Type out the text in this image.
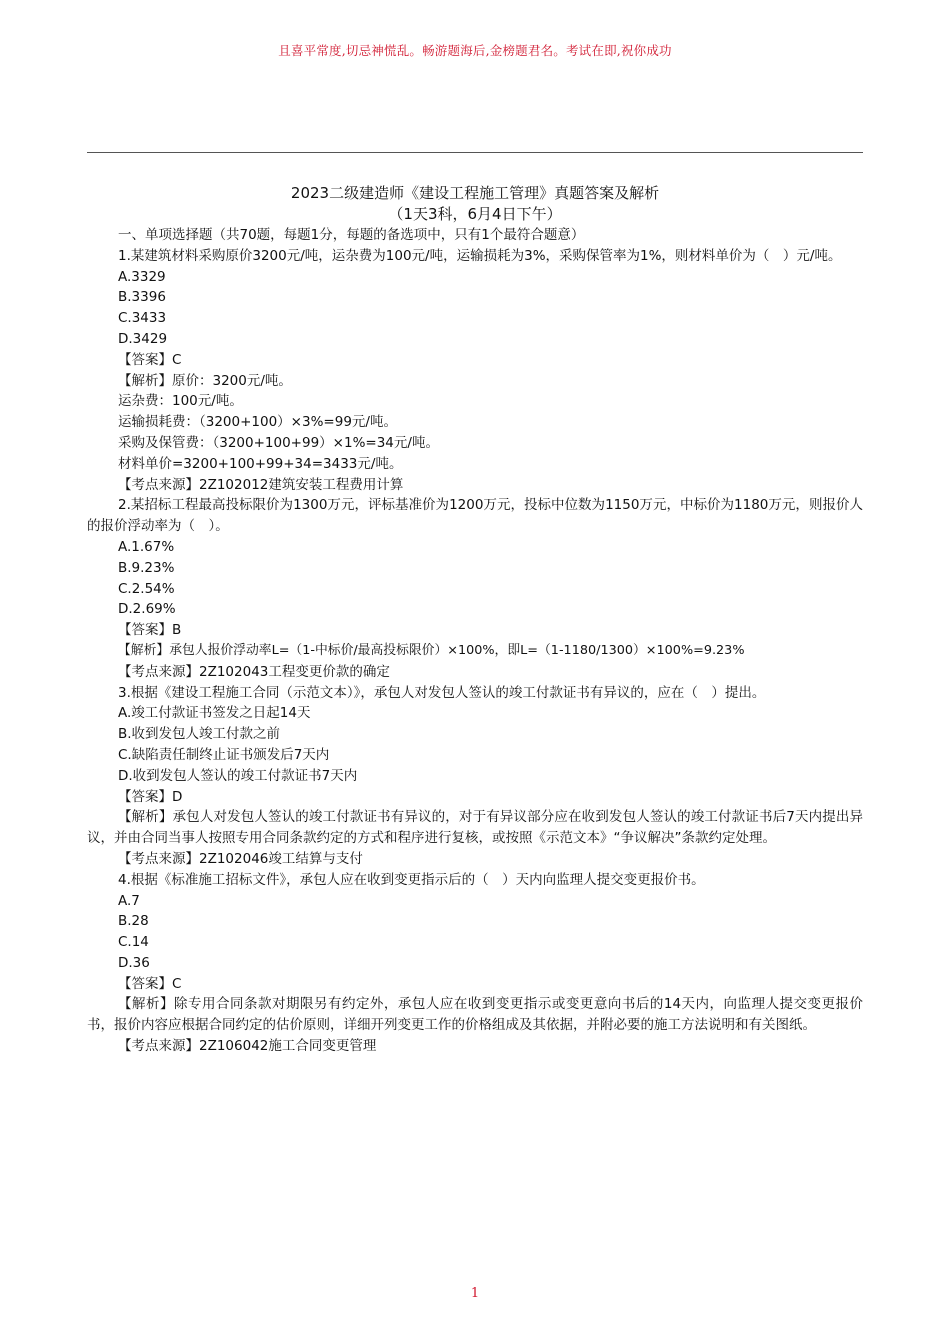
且喜平常度,切忌神慌乱。畅游题海后,金榜题君名。考试在即,祝你成功
2023二级建造师《建设工程施工管理》真题答案及解析
（1天3科，6月4日下午）
一、单项选择题（共70题，每题1分，每题的备选项中，只有1个最符合题意）
1.某建筑材料采购原价3200元/吨，运杂费为100元/吨，运输损耗为3%，采购保管率为1%，则材料单价为（　）元/吨。
A.3329
B.3396
C.3433
D.3429
【答案】C
【解析】原价：3200元/吨。
运杂费：100元/吨。
运输损耗费：（3200+100）×3%=99元/吨。
采购及保管费：（3200+100+99）×1%=34元/吨。
材料单价=3200+100+99+34=3433元/吨。
【考点来源】2Z102012建筑安装工程费用计算
2.某招标工程最高投标限价为1300万元，评标基准价为1200万元，投标中位数为1150万元，中标价为1180万元，则报价人的报价浮动率为（　）。
A.1.67%
B.9.23%
C.2.54%
D.2.69%
【答案】B
【解析】承包人报价浮动率L=（1-中标价/最高投标限价）×100%，即L=（1-1180/1300）×100%=9.23%
【考点来源】2Z102043工程变更价款的确定
3.根据《建设工程施工合同（示范文本）》，承包人对发包人签认的竣工付款证书有异议的，应在（　）提出。
A.竣工付款证书签发之日起14天
B.收到发包人竣工付款之前
C.缺陷责任制终止证书颁发后7天内
D.收到发包人签认的竣工付款证书7天内
【答案】D
【解析】承包人对发包人签认的竣工付款证书有异议的，对于有异议部分应在收到发包人签认的竣工付款证书后7天内提出异议，并由合同当事人按照专用合同条款约定的方式和程序进行复核，或按照《示范文本》“争议解决”条款约定处理。
【考点来源】2Z102046竣工结算与支付
4.根据《标准施工招标文件》，承包人应在收到变更指示后的（　）天内向监理人提交变更报价书。
A.7
B.28
C.14
D.36
【答案】C
【解析】除专用合同条款对期限另有约定外，承包人应在收到变更指示或变更意向书后的14天内，向监理人提交变更报价书，报价内容应根据合同约定的估价原则，详细开列变更工作的价格组成及其依据，并附必要的施工方法说明和有关图纸。
【考点来源】2Z106042施工合同变更管理
1
